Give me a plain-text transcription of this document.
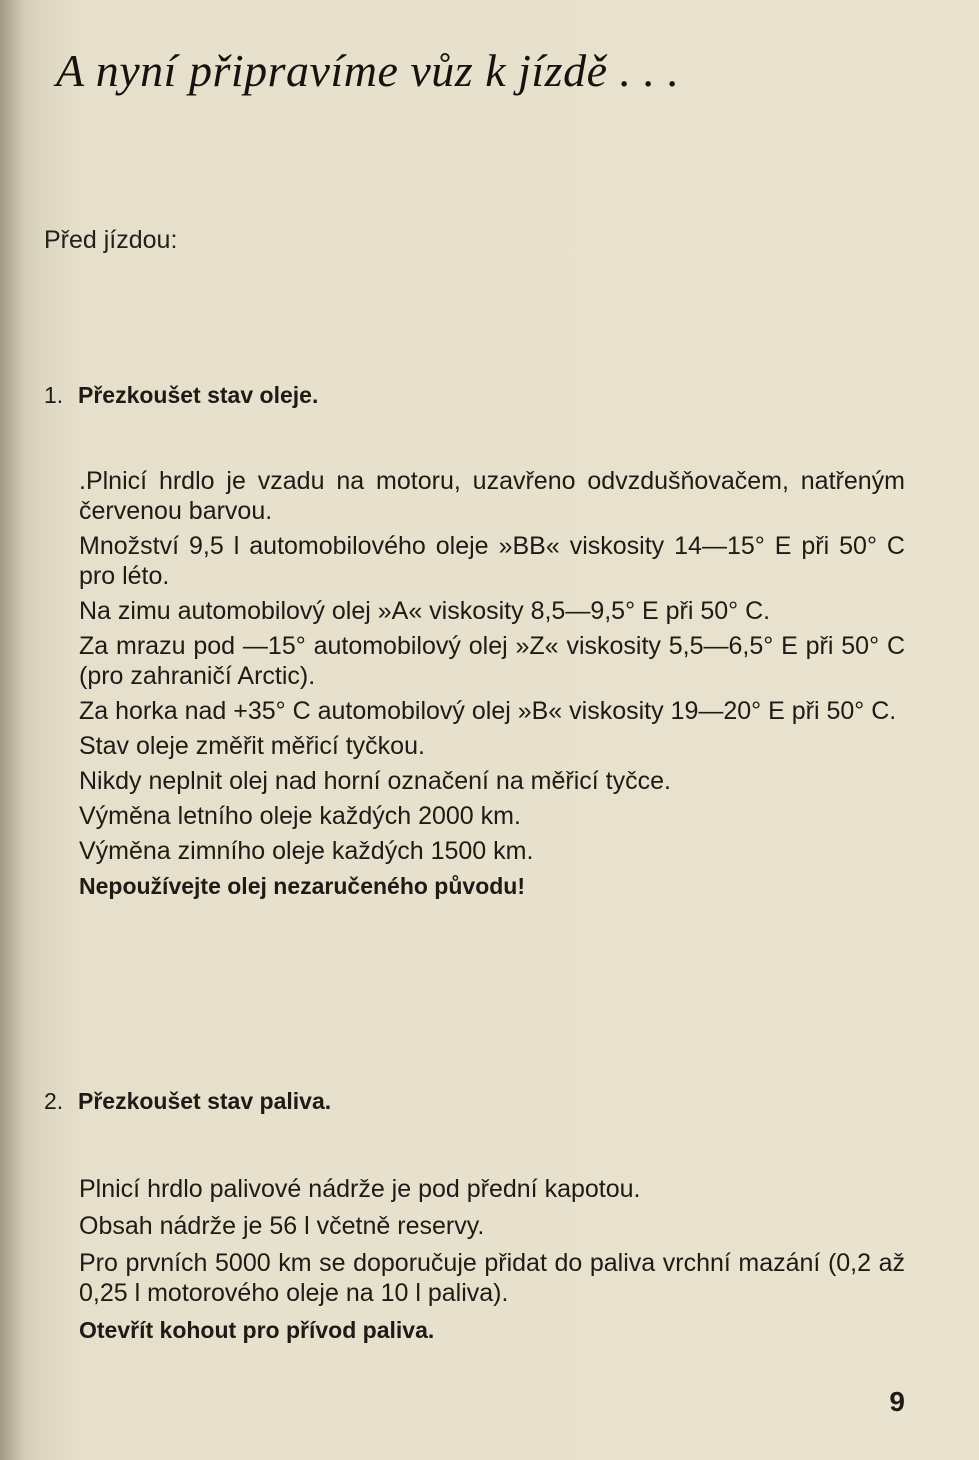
A nyní připravíme vůz k jízdě . . .
Před jízdou:
1. Přezkoušet stav oleje.
.Plnicí hrdlo je vzadu na motoru, uzavřeno odvzdušňovačem, natřeným červenou barvou.
Množství 9,5 l automobilového oleje »BB« viskosity 14—15° E při 50° C pro léto.
Na zimu automobilový olej »A« viskosity 8,5—9,5° E při 50° C.
Za mrazu pod —15° automobilový olej »Z« viskosity 5,5—6,5° E při 50° C (pro zahraničí Arctic).
Za horka nad +35° C automobilový olej »B« viskosity 19—20° E při 50° C.
Stav oleje změřit měřicí tyčkou.
Nikdy neplnit olej nad horní označení na měřicí tyčce.
Výměna letního oleje každých 2000 km.
Výměna zimního oleje každých 1500 km.
Nepoužívejte olej nezaručeného původu!
2. Přezkoušet stav paliva.
Plnicí hrdlo palivové nádrže je pod přední kapotou.
Obsah nádrže je 56 l včetně reservy.
Pro prvních 5000 km se doporučuje přidat do paliva vrchní mazání (0,2 až 0,25 l motorového oleje na 10 l paliva).
Otevřít kohout pro přívod paliva.
9
